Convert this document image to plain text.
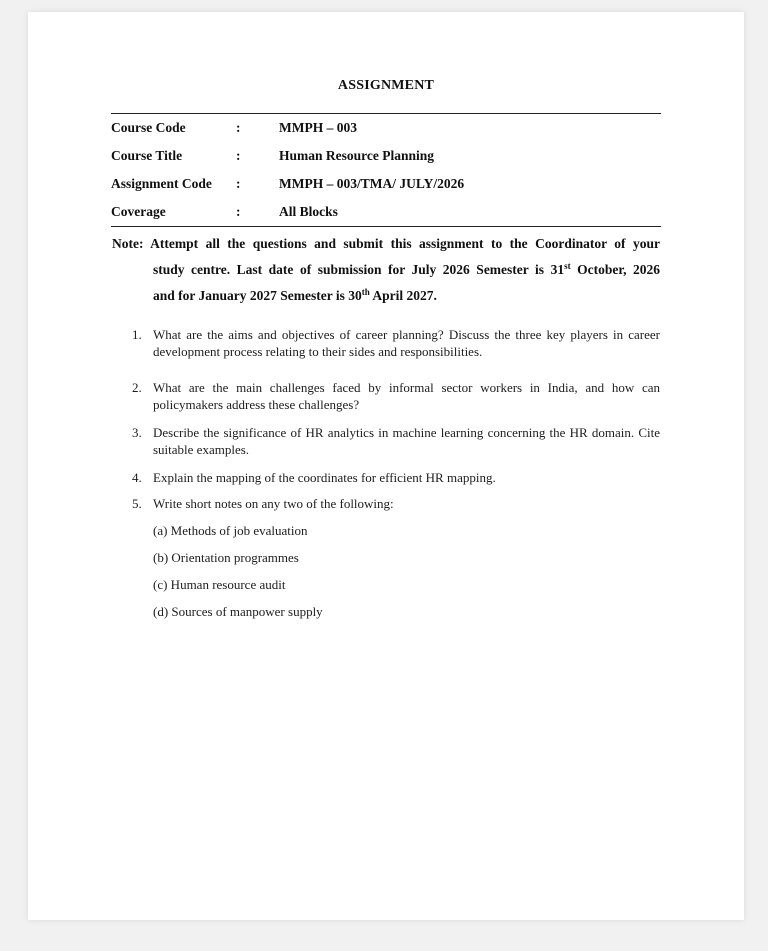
ASSIGNMENT
Course Code	:	MMPH – 003
Course Title	:	Human Resource Planning
Assignment Code	:	MMPH – 003/TMA/ JULY/2026
Coverage	:	All Blocks
Note: Attempt all the questions and submit this assignment to the Coordinator of your
study centre. Last date of submission for July 2026 Semester is 31st October, 2026
and for January 2027 Semester is 30th April 2027.
1. What are the aims and objectives of career planning? Discuss the three key players in career development process relating to their sides and responsibilities.
2. What are the main challenges faced by informal sector workers in India, and how can policymakers address these challenges?
3. Describe the significance of HR analytics in machine learning concerning the HR domain. Cite suitable examples.
4. Explain the mapping of the coordinates for efficient HR mapping.
5. Write short notes on any two of the following:
(a) Methods of job evaluation
(b) Orientation programmes
(c) Human resource audit
(d) Sources of manpower supply
